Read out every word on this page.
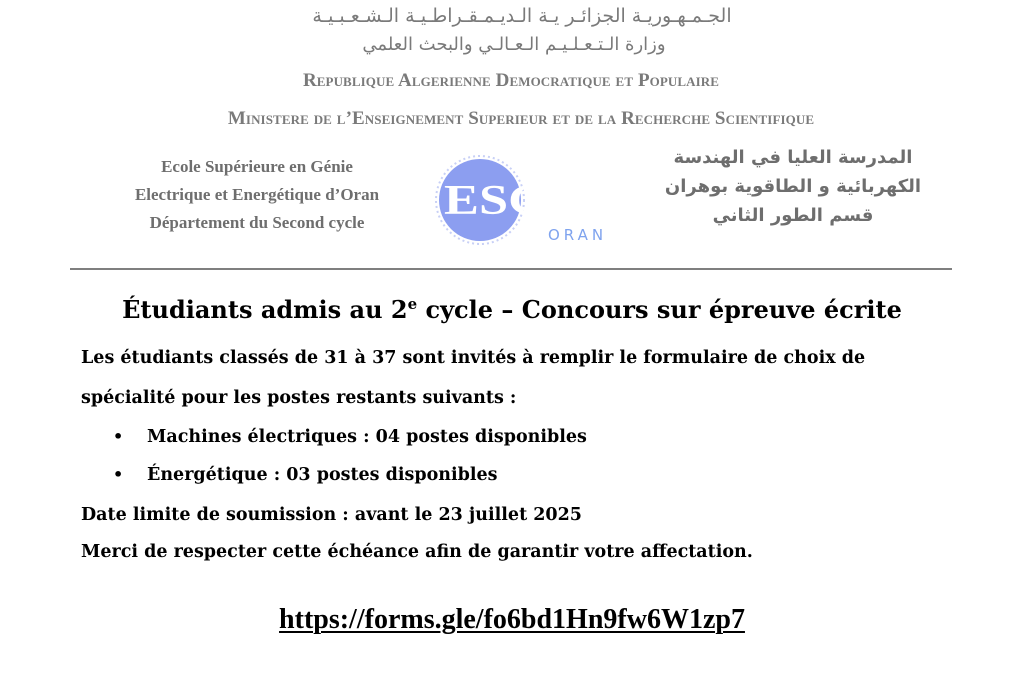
الجـمـهـوريـة الجزائـر يـة الـديـمـقـراطـيـة الـشـعـبـيـة
وزارة الـتـعـلـيـم الـعـالـي والبحث العلمي
Republique Algerienne Democratique et Populaire
Ministere de l’Enseignement Superieur et de la Recherche Scientifique
Ecole Supérieure en Génie
Electrique et Energétique d’Oran
Département du Second cycle	ESG2E
ORAN
المدرسة العليا في الهندسة
الكهربائية و الطاقوية بوهران
قسم الطور الثاني
Étudiants admis au 2e cycle – Concours sur épreuve écrite
Les étudiants classés de 31 à 37 sont invités à remplir le formulaire de choix de
spécialité pour les postes restants suivants :
• Machines électriques : 04 postes disponibles
• Énergétique : 03 postes disponibles
Date limite de soumission : avant le 23 juillet 2025
Merci de respecter cette échéance afin de garantir votre affectation.
https://forms.gle/fo6bd1Hn9fw6W1zp7
